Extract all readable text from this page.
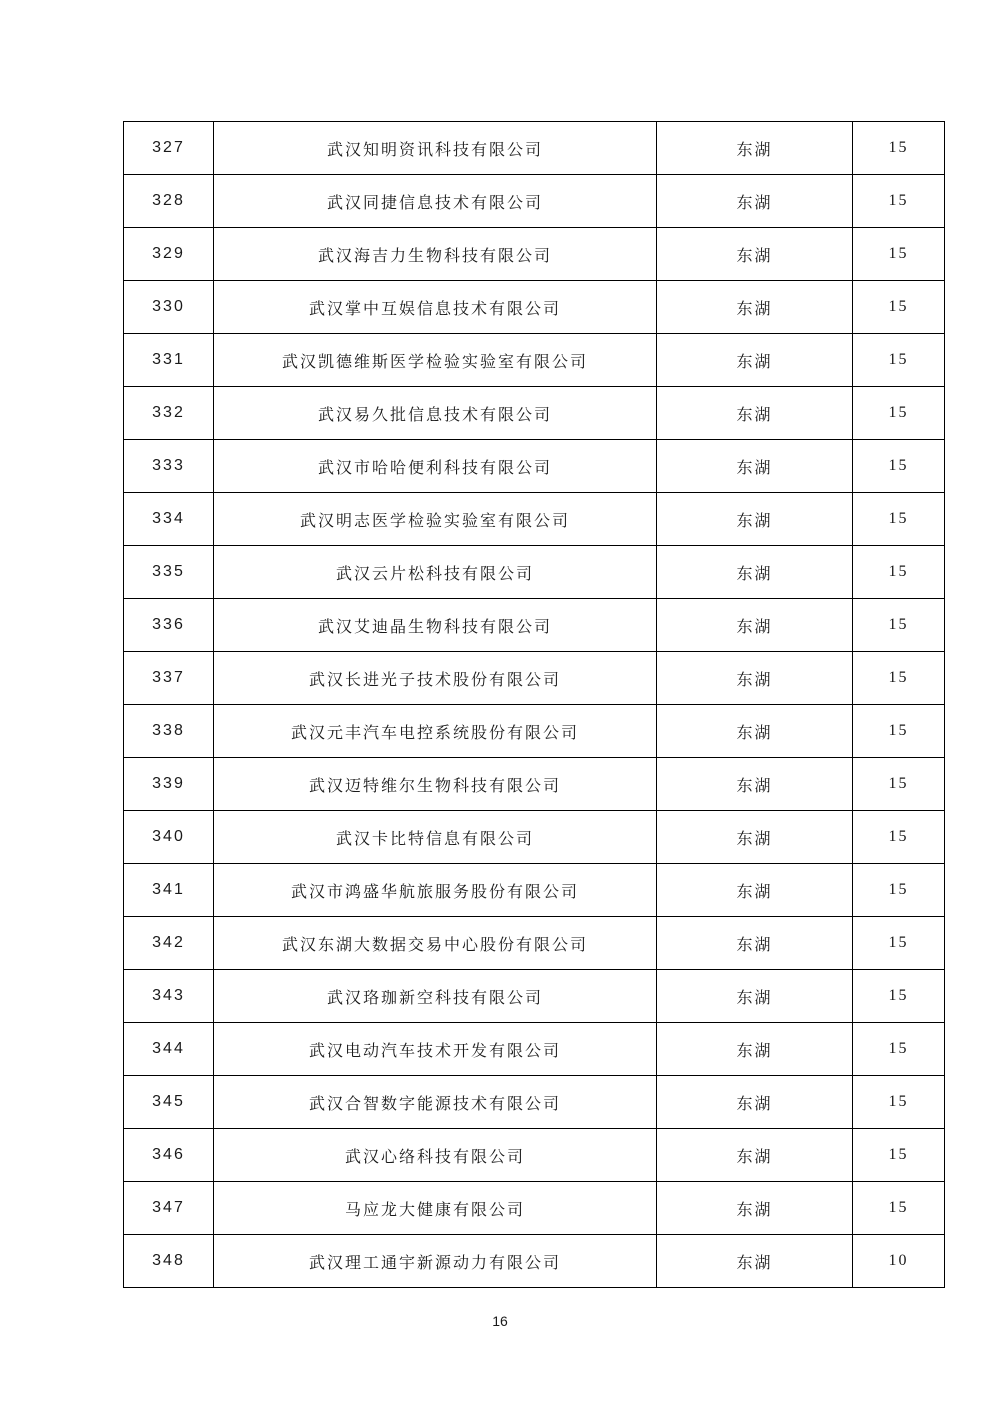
327	武汉知明资讯科技有限公司	东湖	15
328	武汉同捷信息技术有限公司	东湖	15
329	武汉海吉力生物科技有限公司	东湖	15
330	武汉掌中互娱信息技术有限公司	东湖	15
331	武汉凯德维斯医学检验实验室有限公司	东湖	15
332	武汉易久批信息技术有限公司	东湖	15
333	武汉市哈哈便利科技有限公司	东湖	15
334	武汉明志医学检验实验室有限公司	东湖	15
335	武汉云片松科技有限公司	东湖	15
336	武汉艾迪晶生物科技有限公司	东湖	15
337	武汉长进光子技术股份有限公司	东湖	15
338	武汉元丰汽车电控系统股份有限公司	东湖	15
339	武汉迈特维尔生物科技有限公司	东湖	15
340	武汉卡比特信息有限公司	东湖	15
341	武汉市鸿盛华航旅服务股份有限公司	东湖	15
342	武汉东湖大数据交易中心股份有限公司	东湖	15
343	武汉珞珈新空科技有限公司	东湖	15
344	武汉电动汽车技术开发有限公司	东湖	15
345	武汉合智数字能源技术有限公司	东湖	15
346	武汉心络科技有限公司	东湖	15
347	马应龙大健康有限公司	东湖	15
348	武汉理工通宇新源动力有限公司	东湖	10
16
